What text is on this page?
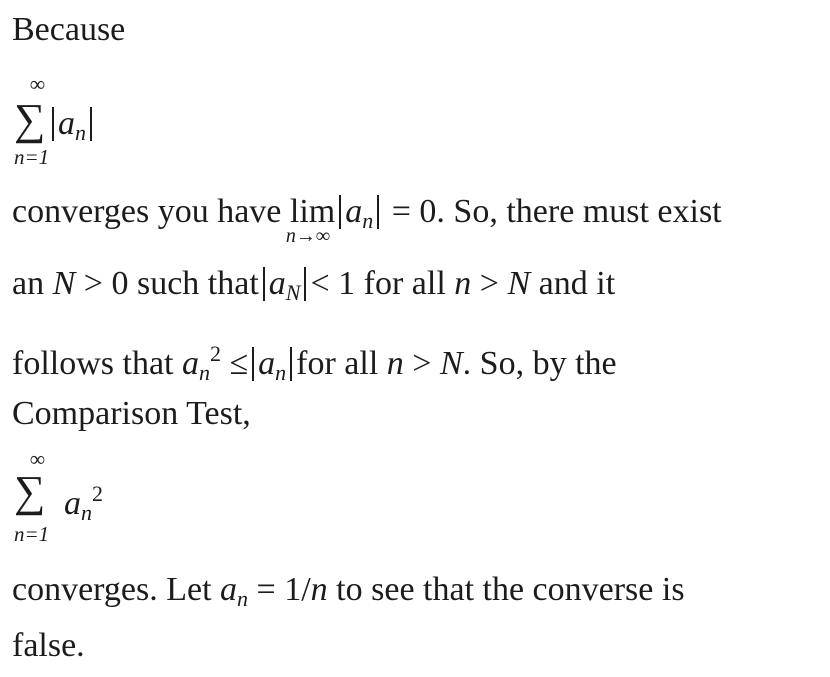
Because
∞
∑ $a_n$
n=1
converges you have lim
n→∞
$a_n = 0$. So, there must exist
an N > 0 such that $a_N < 1$ for all n > N and it
follows that $a_n^2 \le a_n$ for all n > N. So, by the
Comparison Test,
∞
∑ $a_n^2$
n=1
converges. Let $a_n = 1/n$ to see that the converse is
false.
